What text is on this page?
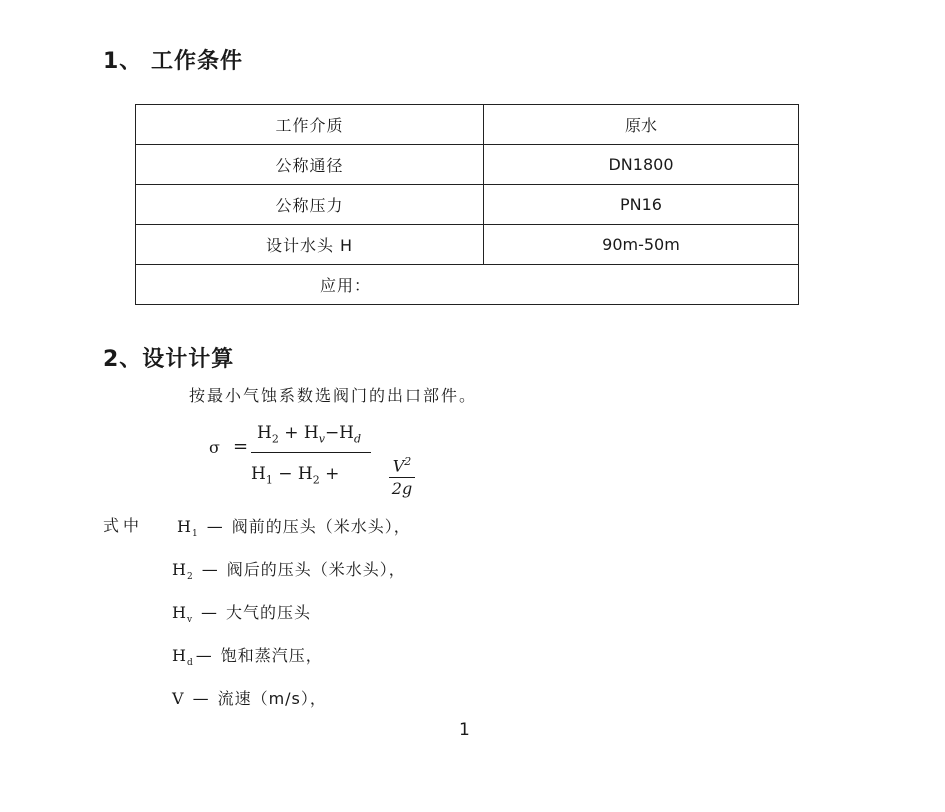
1、 工作条件
工作介质	原水
公称通径	DN1800
公称压力	PN16
设计水头 H	90m-50m
应用：	
2、设计计算
按最小气蚀系数选阀门的出口部件。
σ =
$H_2 + H_v-H_d$
$H_1 - H_2$ +	$V^2$
2g
式中 $H_1$ — 阀前的压头（米水头），
$H_2$ — 阀后的压头（米水头），
$H_v$ — 大气的压头
$H_d$ — 饱和蒸汽压，
V — 流速（m/s），
1
